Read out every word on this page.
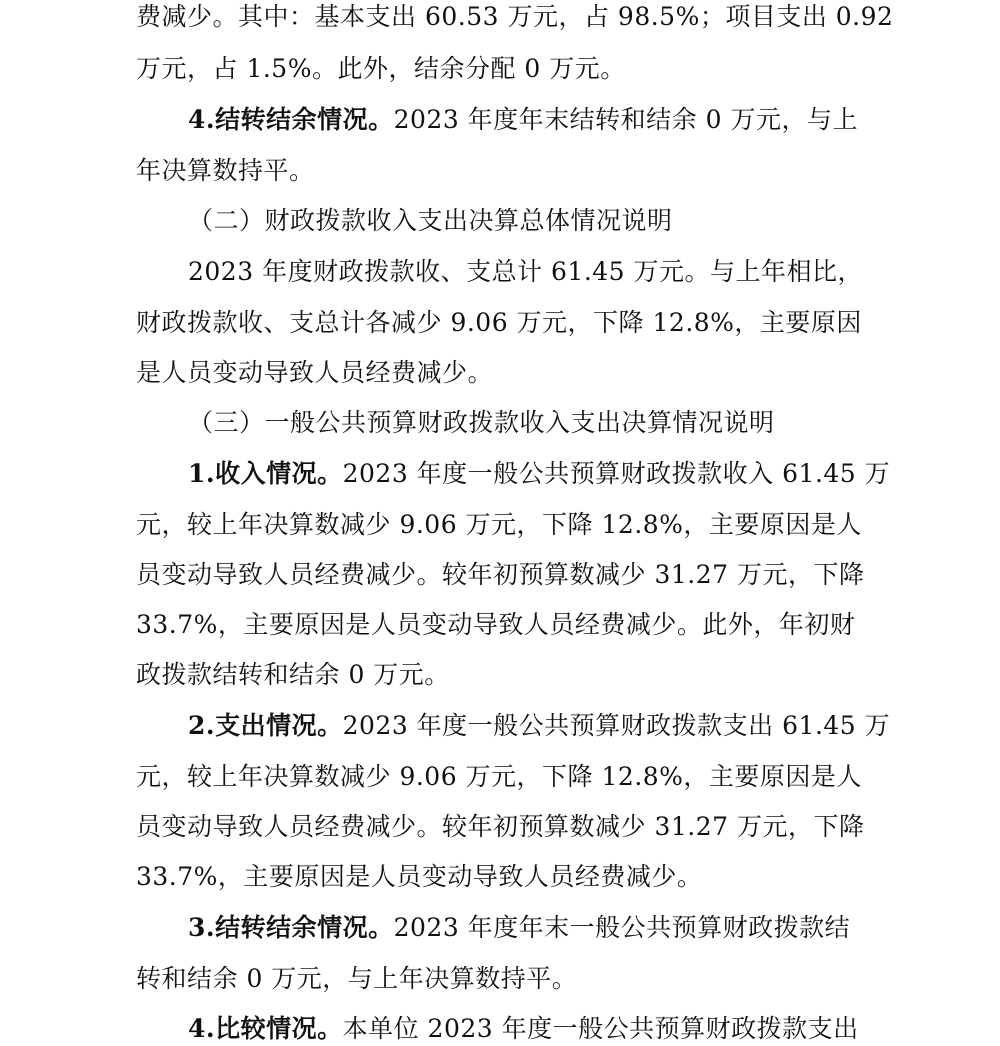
费减少。其中：基本支出 60.53 万元，占 98.5%；项目支出 0.92
万元，占 1.5%。此外，结余分配 0 万元。
4.结转结余情况。2023 年度年末结转和结余 0 万元，与上
年决算数持平。
（二）财政拨款收入支出决算总体情况说明
2023 年度财政拨款收、支总计 61.45 万元。与上年相比，
财政拨款收、支总计各减少 9.06 万元，下降 12.8%，主要原因
是人员变动导致人员经费减少。
（三）一般公共预算财政拨款收入支出决算情况说明
1.收入情况。2023 年度一般公共预算财政拨款收入 61.45 万
元，较上年决算数减少 9.06 万元，下降 12.8%，主要原因是人
员变动导致人员经费减少。较年初预算数减少 31.27 万元，下降
33.7%，主要原因是人员变动导致人员经费减少。此外，年初财
政拨款结转和结余 0 万元。
2.支出情况。2023 年度一般公共预算财政拨款支出 61.45 万
元，较上年决算数减少 9.06 万元，下降 12.8%，主要原因是人
员变动导致人员经费减少。较年初预算数减少 31.27 万元，下降
33.7%，主要原因是人员变动导致人员经费减少。
3.结转结余情况。2023 年度年末一般公共预算财政拨款结
转和结余 0 万元，与上年决算数持平。
4.比较情况。本单位 2023 年度一般公共预算财政拨款支出
